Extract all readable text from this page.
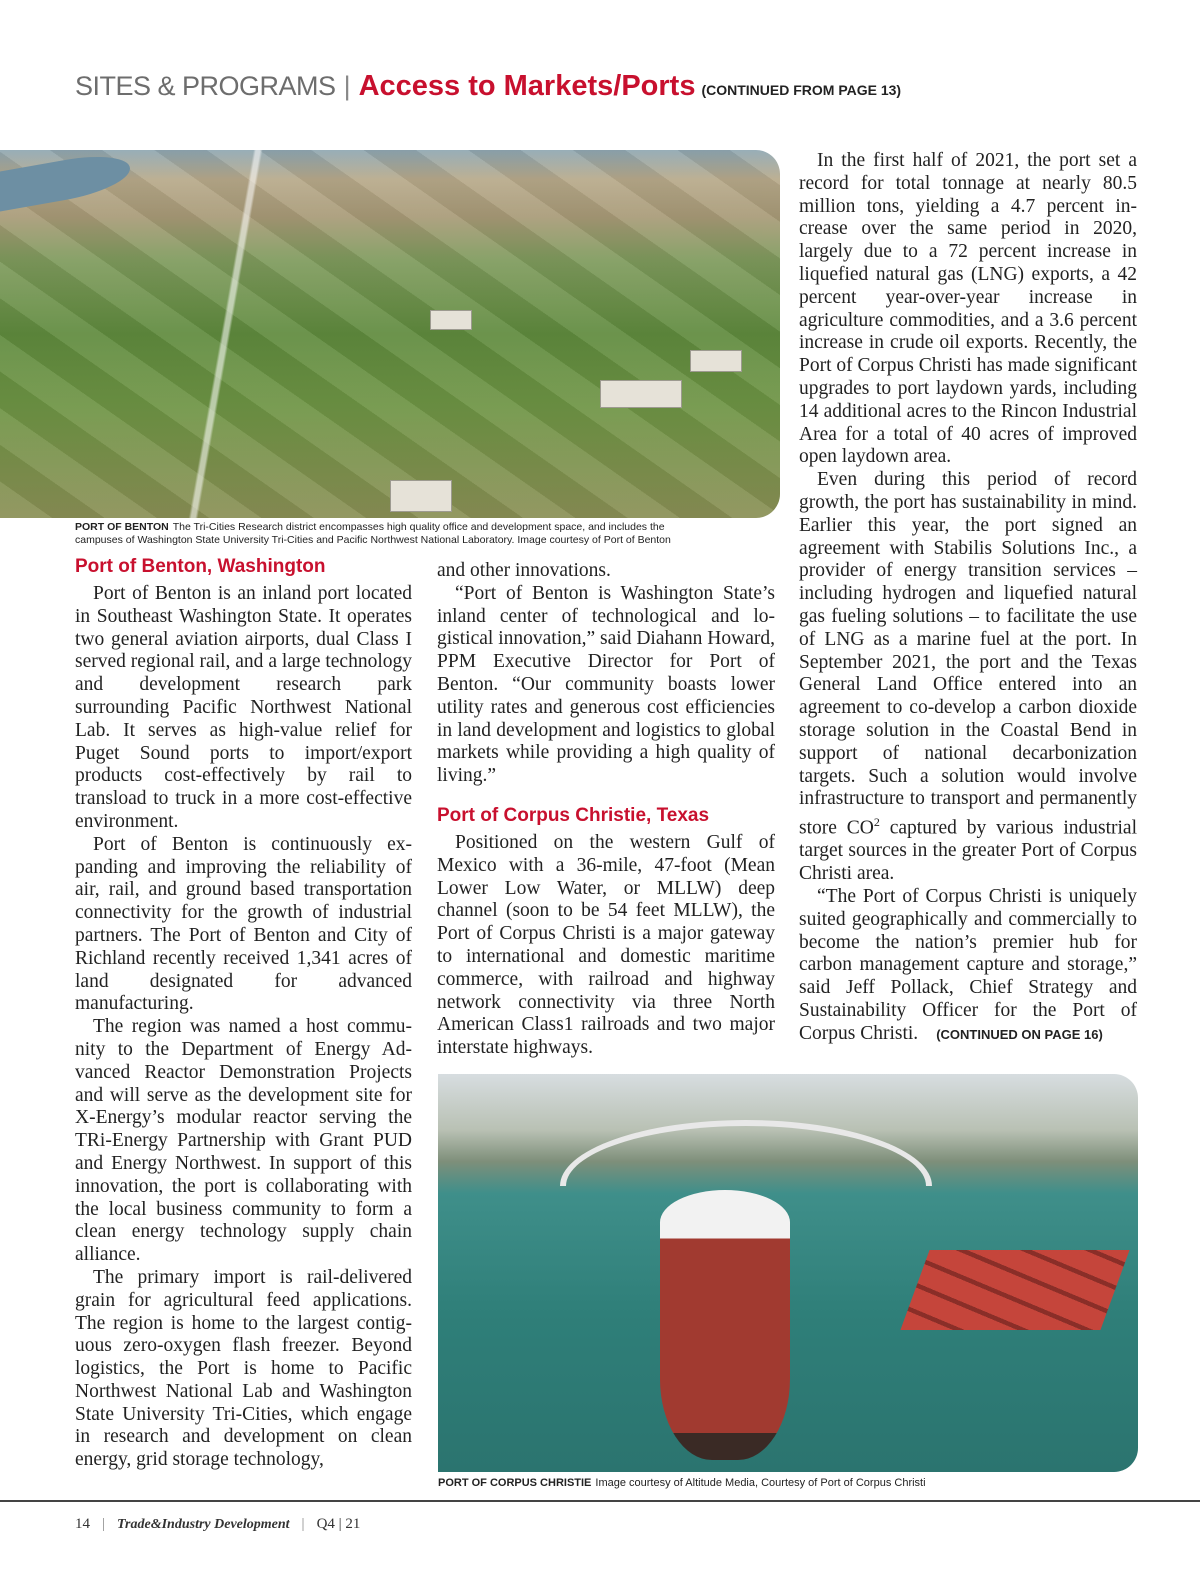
SITES & PROGRAMS | Access to Markets/Ports (CONTINUED FROM PAGE 13)
PORT OF BENTON The Tri-Cities Research district encompasses high quality office and development space, and includes the campuses of Washington State University Tri-Cities and Pacific Northwest National Laboratory. Image courtesy of Port of Benton
Port of Benton, Washington

Port of Benton is an inland port located in Southeast Washington State. It operates two general aviation airports, dual Class I served regional rail, and a large technology and development research park surrounding Pacific Northwest National Lab. It serves as high-value relief for Puget Sound ports to import/​export products cost-effectively by rail to transload to truck in a more cost-effective environment.

Port of Benton is continuously expanding and improving the reliability of air, rail, and ground based transportation connectivity for the growth of industrial partners. The Port of Benton and City of Richland recently received 1,341 acres of land designated for advanced manufacturing.

The region was named a host community to the Department of Energy Advanced Reactor Demonstration Projects and will serve as the development site for X-Energy’s modular reactor serving the TRi-Energy Partnership with Grant PUD and Energy Northwest. In support of this innovation, the port is collaborating with the local business community to form a clean energy technology supply chain alliance.

The primary import is rail-delivered grain for agricultural feed applications. The region is home to the largest contiguous zero-oxygen flash freezer. Beyond logistics, the Port is home to Pacific Northwest National Lab and Washington State University Tri-Cities, which engage in research and development on clean energy, grid storage technology,

and other innovations.

“Port of Benton is Washington State’s inland center of technological and logistical innovation,” said Diahann Howard, PPM Executive Director for Port of Benton. “Our community boasts lower utility rates and generous cost efficiencies in land development and logistics to global markets while providing a high quality of living.”

Port of Corpus Christie, Texas

Positioned on the western Gulf of Mexico with a 36-mile, 47-foot (Mean Lower Low Water, or MLLW) deep channel (soon to be 54 feet MLLW), the Port of Corpus Christi is a major gateway to international and domestic maritime commerce, with railroad and highway network connectivity via three North American Class1 railroads and two major interstate highways.

In the first half of 2021, the port set a record for total tonnage at nearly 80.5 million tons, yielding a 4.7 percent increase over the same period in 2020, largely due to a 72 percent increase in liquefied natural gas (LNG) exports, a 42 percent year-over-year increase in agriculture commodities, and a 3.6 percent increase in crude oil exports. Recently, the Port of Corpus Christi has made significant upgrades to port laydown yards, including 14 additional acres to the Rincon Industrial Area for a total of 40 acres of improved open laydown area.

Even during this period of record growth, the port has sustainability in mind. Earlier this year, the port signed an agreement with Stabilis Solutions Inc., a provider of energy transition services – including hydrogen and liquefied natural gas fueling solutions – to facilitate the use of LNG as a marine fuel at the port. In September 2021, the port and the Texas General Land Office entered into an agreement to co-develop a carbon dioxide storage solution in the Coastal Bend in support of national decarbonization targets. Such a solution would involve infrastructure to transport and permanently store $CO^2$ captured by various industrial target sources in the greater Port of Corpus Christi area.

“The Port of Corpus Christi is uniquely suited geographically and commercially to become the nation’s premier hub for carbon management capture and storage,” said Jeff Pollack, Chief Strategy and Sustainability Officer for the Port of Corpus Christi. (CONTINUED ON PAGE 16)

PORT OF CORPUS CHRISTIE Image courtesy of Altitude Media, Courtesy of Port of Corpus Christi
14 | Trade&Industry Development | Q4 | 21
